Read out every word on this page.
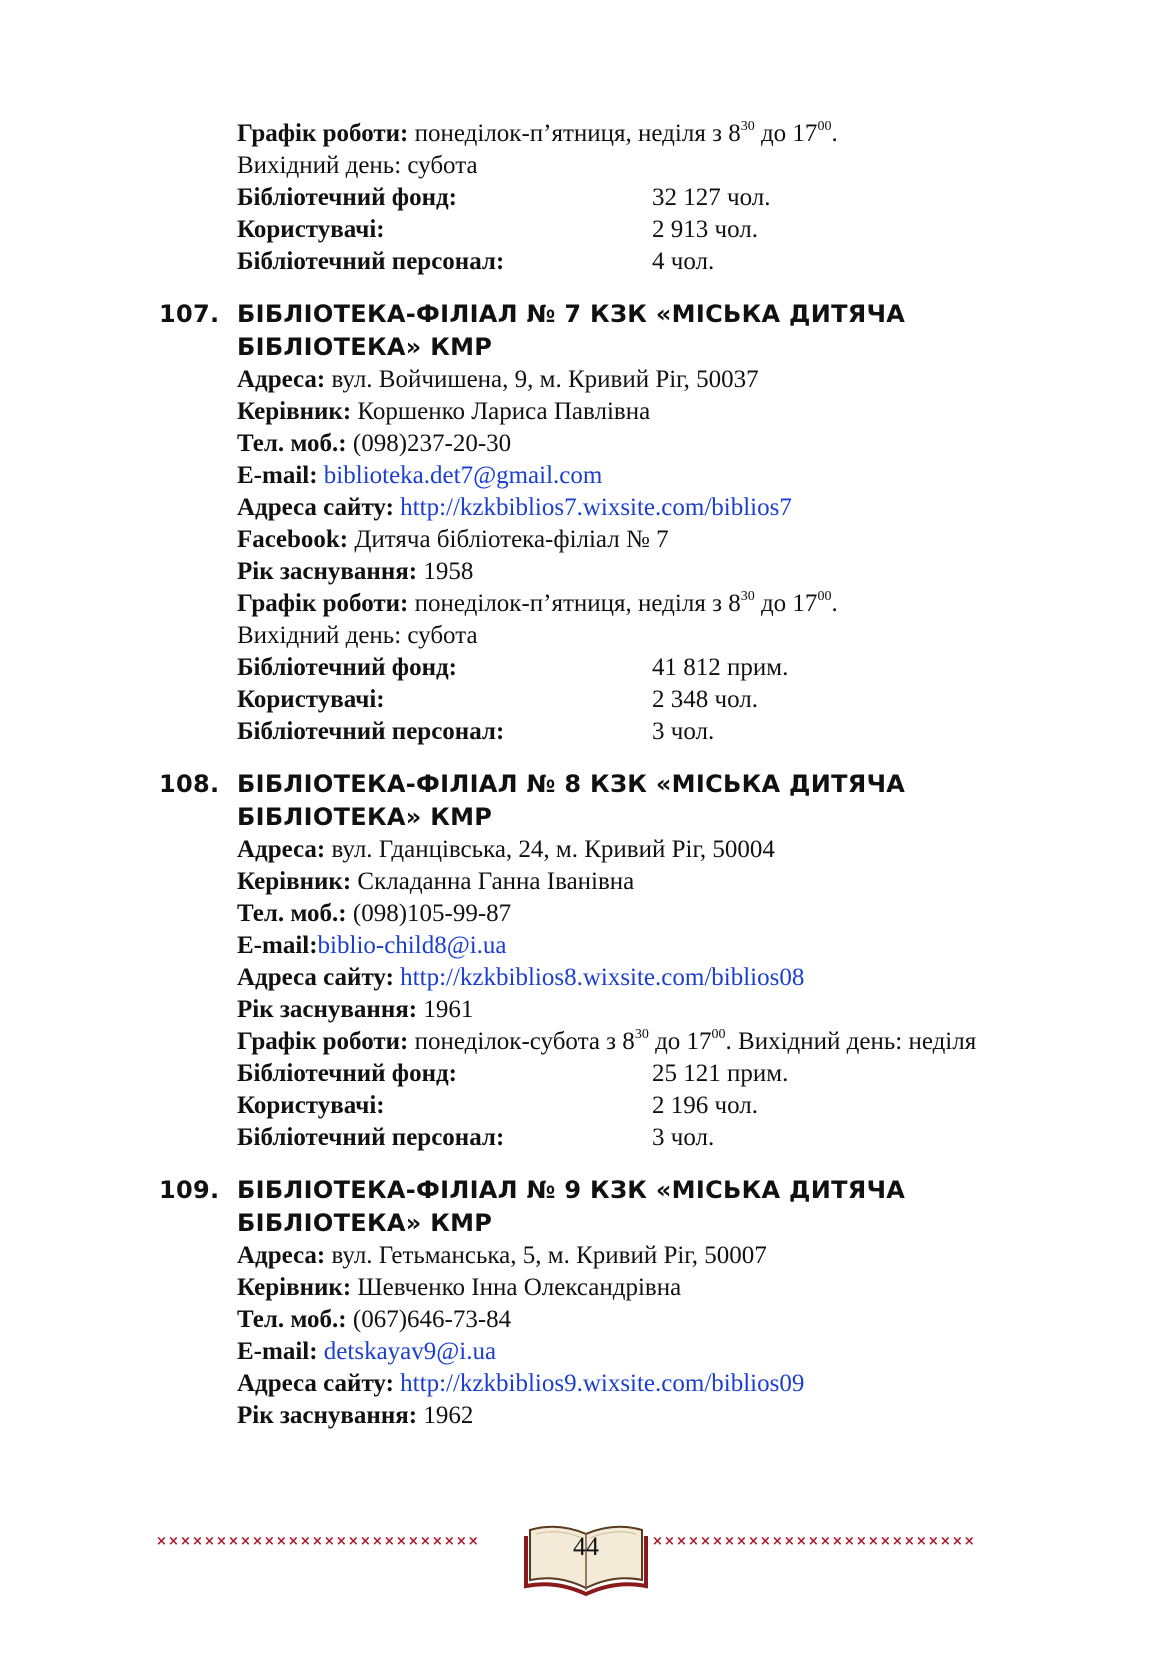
Графік роботи: понеділок-п’ятниця, неділя з $8^{30}$ до $17^{00}$.
Вихідний день: субота
Бібліотечний фонд:	32 127 чол.
Користувачі:	2 913 чол.
Бібліотечний персонал:	4 чол.
107. БІБЛІОТЕКА-ФІЛІАЛ № 7 КЗК «МІСЬКА ДИТЯЧА
БІБЛІОТЕКА» КМР
Адреса: вул. Войчишена, 9, м. Кривий Ріг, 50037
Керівник: Коршенко Лариса Павлівна
Тел. моб.: (098)237-20-30
E-mail: biblioteka.det7@gmail.com
Адреса сайту: http://kzkbiblios7.wixsite.com/biblios7
Facebook: Дитяча бібліотека-філіал № 7
Рік заснування: 1958
Графік роботи: понеділок-п’ятниця, неділя з $8^{30}$ до $17^{00}$.
Вихідний день: субота
Бібліотечний фонд:	41 812 прим.
Користувачі:	2 348 чол.
Бібліотечний персонал:	3 чол.
108. БІБЛІОТЕКА-ФІЛІАЛ № 8 КЗК «МІСЬКА ДИТЯЧА
БІБЛІОТЕКА» КМР
Адреса: вул. Гданцівська, 24, м. Кривий Ріг, 50004
Керівник: Складанна Ганна Іванівна
Тел. моб.: (098)105-99-87
E-mail:biblio-child8@i.ua
Адреса сайту: http://kzkbiblios8.wixsite.com/biblios08
Рік заснування: 1961
Графік роботи: понеділок-субота з $8^{30}$ до $17^{00}$. Вихідний день: неділя
Бібліотечний фонд:	25 121 прим.
Користувачі:	2 196 чол.
Бібліотечний персонал:	3 чол.
109. БІБЛІОТЕКА-ФІЛІАЛ № 9 КЗК «МІСЬКА ДИТЯЧА
БІБЛІОТЕКА» КМР
Адреса: вул. Гетьманська, 5, м. Кривий Ріг, 50007
Керівник: Шевченко Інна Олександрівна
Тел. моб.: (067)646-73-84
E-mail: detskayav9@i.ua
Адреса сайту: http://kzkbiblios9.wixsite.com/biblios09
Рік заснування: 1962
×××××××××××××××××××××××××××	44	×××××××××××××××××××××××××××
